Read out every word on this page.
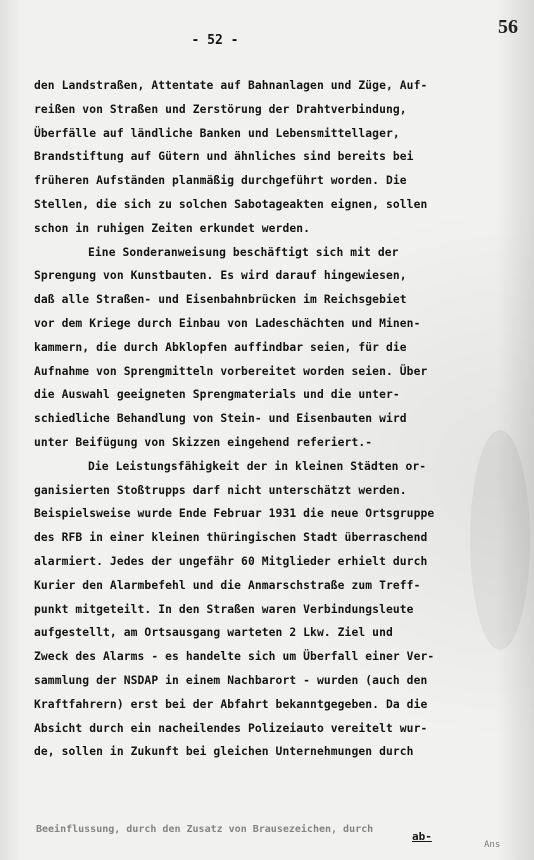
56
- 52 -
den Landstraßen, Attentate auf Bahnanlagen und Züge, Auf-
reißen von Straßen und Zerstörung der Drahtverbindung,
Überfälle auf ländliche Banken und Lebensmittellager,
Brandstiftung auf Gütern und ähnliches sind bereits bei
früheren Aufständen planmäßig durchgeführt worden. Die
Stellen, die sich zu solchen Sabotageakten eignen, sollen
schon in ruhigen Zeiten erkundet werden.
Eine Sonderanweisung beschäftigt sich mit der
Sprengung von Kunstbauten. Es wird darauf hingewiesen,
daß alle Straßen- und Eisenbahnbrücken im Reichsgebiet
vor dem Kriege durch Einbau von Ladeschächten und Minen-
kammern, die durch Abklopfen auffindbar seien, für die
Aufnahme von Sprengmitteln vorbereitet worden seien. Über
die Auswahl geeigneten Sprengmaterials und die unter-
schiedliche Behandlung von Stein- und Eisenbauten wird
unter Beifügung von Skizzen eingehend referiert.-
Die Leistungsfähigkeit der in kleinen Städten or-
ganisierten Stoßtrupps darf nicht unterschätzt werden.
Beispielsweise wurde Ende Februar 1931 die neue Ortsgruppe
des RFB in einer kleinen thüringischen Stadt überraschend
alarmiert. Jedes der ungefähr 60 Mitglieder erhielt durch
Kurier den Alarmbefehl und die Anmarschstraße zum Treff-
punkt mitgeteilt. In den Straßen waren Verbindungsleute
aufgestellt, am Ortsausgang warteten 2 Lkw. Ziel und
Zweck des Alarms - es handelte sich um Überfall einer Ver-
sammlung der NSDAP in einem Nachbarort - wurden (auch den
Kraftfahrern) erst bei der Abfahrt bekanntgegeben. Da die
Absicht durch ein nacheilendes Polizeiauto vereitelt wur-
de, sollen in Zukunft bei gleichen Unternehmungen durch

Beeinflussung, durch den Zusatz von Brausezeichen, durch
ab-
Ans
